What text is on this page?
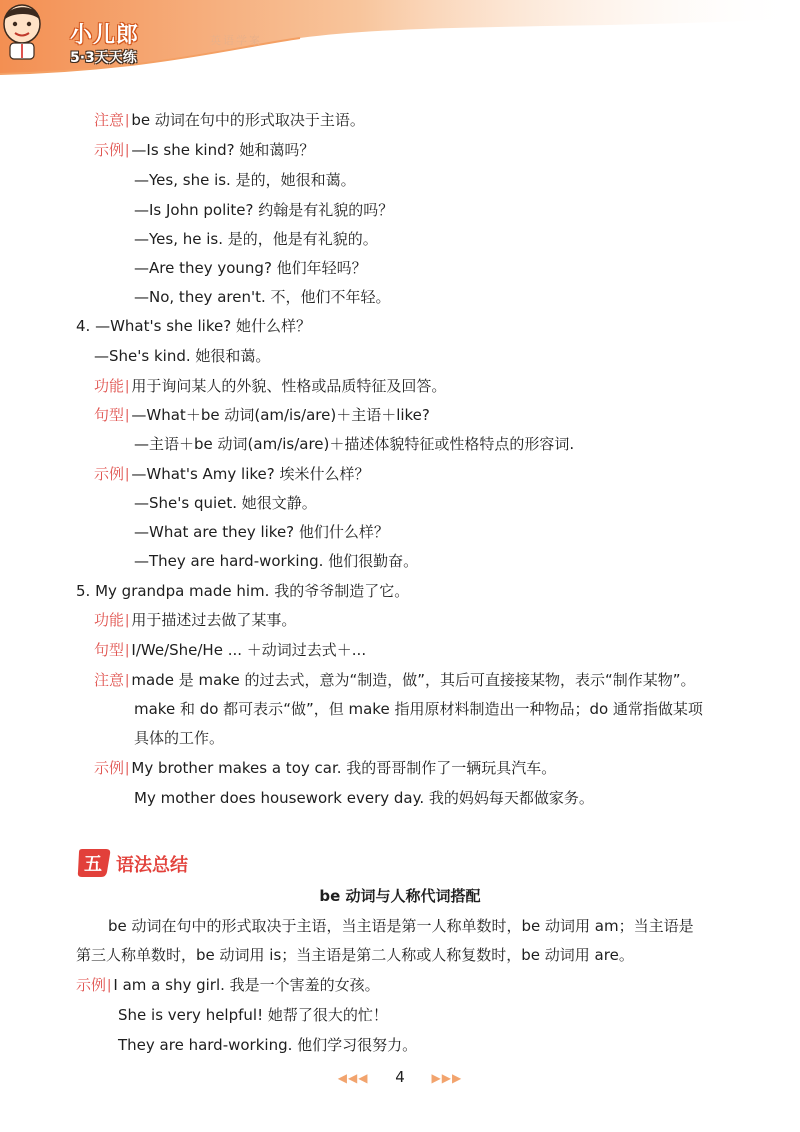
小儿郎
5·3天天练
英语学案
注意 | be 动词在句中的形式取决于主语。
示例 | —Is she kind? 她和蔼吗？
—Yes, she is. 是的，她很和蔼。
—Is John polite? 约翰是有礼貌的吗？
—Yes, he is. 是的，他是有礼貌的。
—Are they young? 他们年轻吗？
—No, they aren't. 不，他们不年轻。
4. —What's she like? 她什么样？
—She's kind. 她很和蔼。
功能 | 用于询问某人的外貌、性格或品质特征及回答。
句型 | —What＋be 动词(am/is/are)＋主语＋like?
—主语＋be 动词(am/is/are)＋描述体貌特征或性格特点的形容词.
示例 | —What's Amy like? 埃米什么样？
—She's quiet. 她很文静。
—What are they like? 他们什么样？
—They are hard-working. 他们很勤奋。
5. My grandpa made him. 我的爷爷制造了它。
功能 | 用于描述过去做了某事。
句型 | I/We/She/He ... ＋动词过去式＋...
注意 | made 是 make 的过去式，意为“制造，做”，其后可直接接某物，表示“制作某物”。
make 和 do 都可表示“做”，但 make 指用原材料制造出一种物品；do 通常指做某项
具体的工作。
示例 | My brother makes a toy car. 我的哥哥制作了一辆玩具汽车。
My mother does housework every day. 我的妈妈每天都做家务。
五 语法总结
be 动词与人称代词搭配
be 动词在句中的形式取决于主语，当主语是第一人称单数时，be 动词用 am；当主语是
第三人称单数时，be 动词用 is；当主语是第二人称或人称复数时，be 动词用 are。
示例 | I am a shy girl. 我是一个害羞的女孩。
She is very helpful! 她帮了很大的忙！
They are hard-working. 他们学习很努力。
◀◀◀ 4 ▶▶▶
